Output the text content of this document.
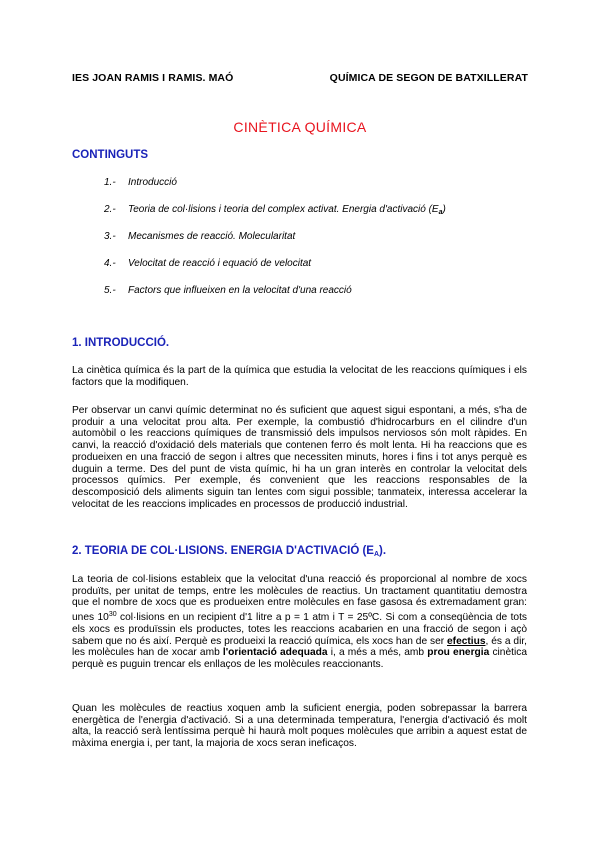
IES JOAN RAMIS I RAMIS. MAÓ	QUÍMICA DE SEGON DE BATXILLERAT
CINÈTICA QUÍMICA
CONTINGUTS
1.- Introducció
2.- Teoria de col·lisions i teoria del complex activat. Energia d'activació $(E_a)$
3.- Mecanismes de reacció. Molecularitat
4.- Velocitat de reacció i equació de velocitat
5.- Factors que influeixen en la velocitat d'una reacció
1. INTRODUCCIÓ.

La cinètica química és la part de la química que estudia la velocitat de les reaccions químiques i els factors que la modifiquen.

Per observar un canvi químic determinat no és suficient que aquest sigui espontani, a més, s'ha de produir a una velocitat prou alta. Per exemple, la combustió d'hidrocarburs en el cilindre d'un automòbil o les reaccions químiques de transmissió dels impulsos nerviosos són molt ràpides. En canvi, la reacció d'oxidació dels materials que contenen ferro és molt lenta. Hi ha reaccions que es produeixen en una fracció de segon i altres que necessiten minuts, hores i fins i tot anys perquè es duguin a terme. Des del punt de vista químic, hi ha un gran interès en controlar la velocitat dels processos químics. Per exemple, és convenient que les reaccions responsables de la descomposició dels aliments siguin tan lentes com sigui possible; tanmateix, interessa accelerar la velocitat de les reaccions implicades en processos de producció industrial.

2. TEORIA DE COL·LISIONS. ENERGIA D'ACTIVACIÓ $(E_A)$.

La teoria de col·lisions estableix que la velocitat d'una reacció és proporcional al nombre de xocs produïts, per unitat de temps, entre les molècules de reactius. Un tractament quantitatiu demostra que el nombre de xocs que es produeixen entre molècules en fase gasosa és extremadament gran: unes $10^{30}$ col·lisions en un recipient d'1 litre a p = 1 atm i T = 25ºC. Si com a conseqüència de tots els xocs es produïssin els productes, totes les reaccions acabarien en una fracció de segon i açò sabem que no és així. Perquè es produeixi la reacció química, els xocs han de ser efectius, és a dir, les molècules han de xocar amb l'orientació adequada i, a més a més, amb prou energia cinètica perquè es puguin trencar els enllaços de les molècules reaccionants.

Quan les molècules de reactius xoquen amb la suficient energia, poden sobrepassar la barrera energètica de l'energia d'activació. Si a una determinada temperatura, l'energia d'activació és molt alta, la reacció serà lentíssima perquè hi haurà molt poques molècules que arribin a aquest estat de màxima energia i, per tant, la majoria de xocs seran ineficaços.
